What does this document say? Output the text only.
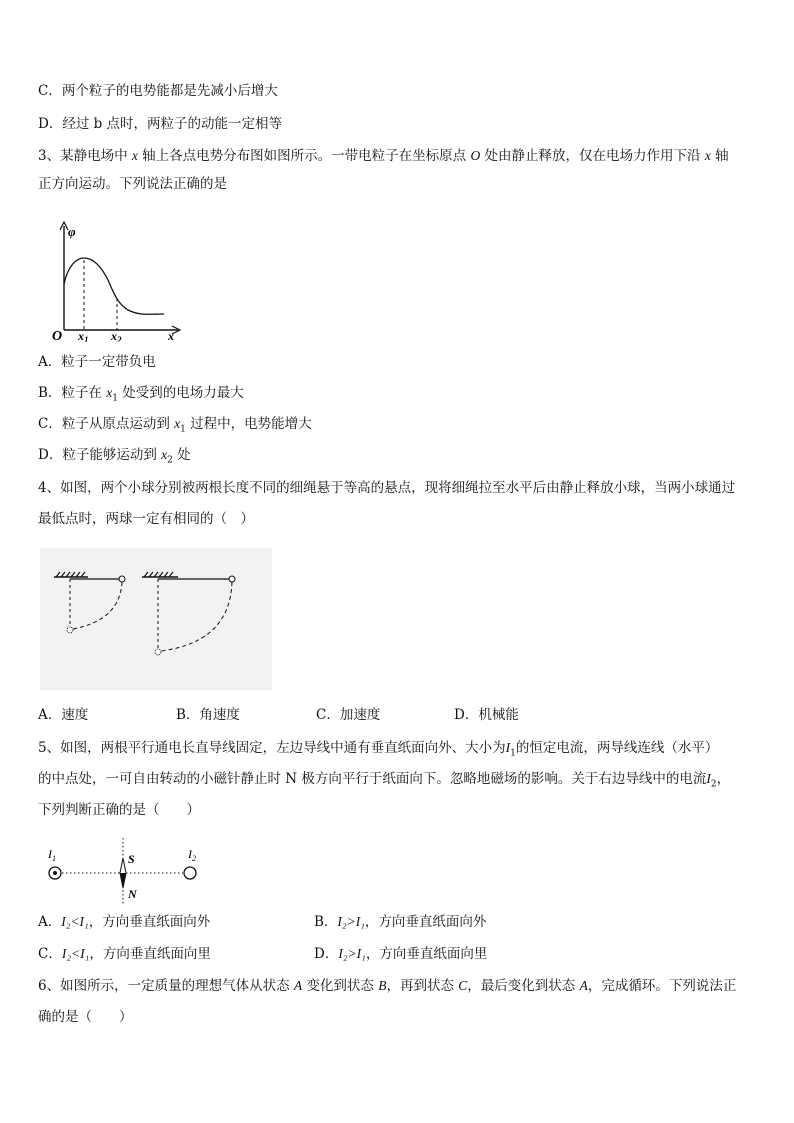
C．两个粒子的电势能都是先减小后增大
D．经过 b 点时，两粒子的动能一定相等
3、某静电场中 x 轴上各点电势分布图如图所示。一带电粒子在坐标原点 O 处由静止释放，仅在电场力作用下沿 x 轴
正方向运动。下列说法正确的是
φ
O $x_1$ $x_2$	x
A．粒子一定带负电
B．粒子在 $x_1$ 处受到的电场力最大
C．粒子从原点运动到 $x_1$ 过程中，电势能增大
D．粒子能够运动到 $x_2$ 处
4、如图，两个小球分别被两根长度不同的细绳悬于等高的悬点，现将细绳拉至水平后由静止释放小球，当两小球通过
最低点时，两球一定有相同的（　）
A．速度	B．角速度	C．加速度	D．机械能
5、如图，两根平行通电长直导线固定，左边导线中通有垂直纸面向外、大小为$I_1$的恒定电流，两导线连线（水平）
的中点处，一可自由转动的小磁针静止时 N 极方向平行于纸面向下。忽略地磁场的影响。关于右边导线中的电流$I_2$，
下列判断正确的是（　　）
$I_1$	$I_2$
S
N
A．I₂<I₁，方向垂直纸面向外	B．I₂>I₁，方向垂直纸面向外
C．I₂<I₁，方向垂直纸面向里	D．I₂>I₁，方向垂直纸面向里
6、如图所示，一定质量的理想气体从状态 A 变化到状态 B，再到状态 C，最后变化到状态 A，完成循环。下列说法正
确的是（　　）
